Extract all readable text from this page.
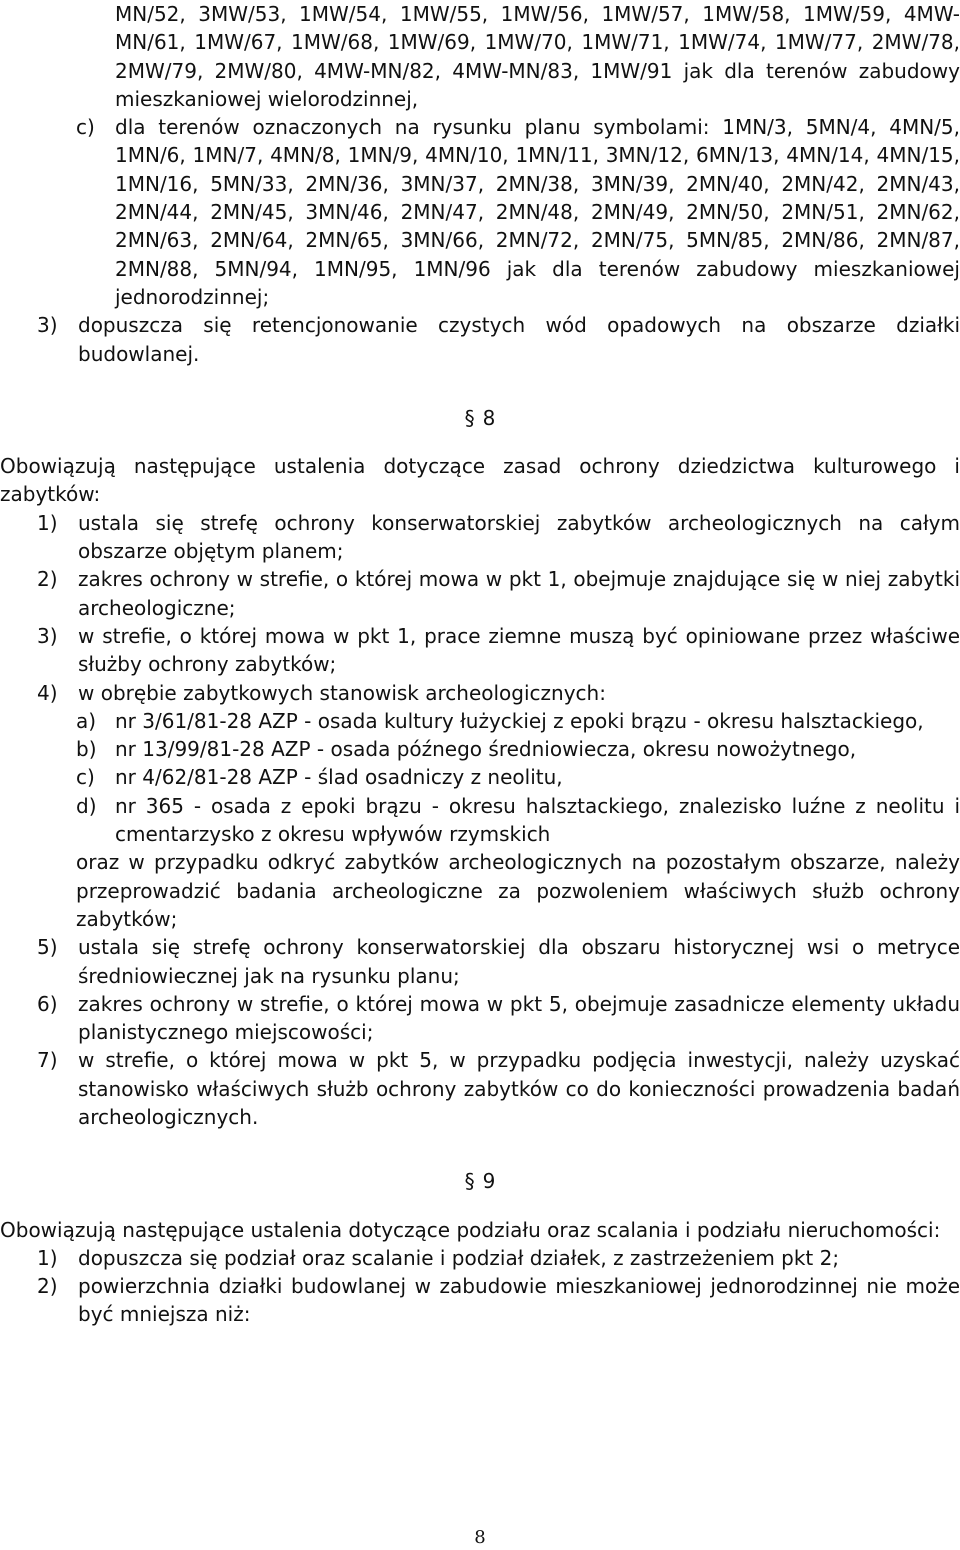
MN/52, 3MW/53, 1MW/54, 1MW/55, 1MW/56, 1MW/57, 1MW/58, 1MW/59, 4MW-MN/61, 1MW/67, 1MW/68, 1MW/69, 1MW/70, 1MW/71, 1MW/74, 1MW/77, 2MW/78, 2MW/79, 2MW/80, 4MW-MN/82, 4MW-MN/83, 1MW/91 jak dla terenów zabudowy mieszkaniowej wielorodzinnej,

c) dla terenów oznaczonych na rysunku planu symbolami: 1MN/3, 5MN/4, 4MN/5, 1MN/6, 1MN/7, 4MN/8, 1MN/9, 4MN/10, 1MN/11, 3MN/12, 6MN/13, 4MN/14, 4MN/15, 1MN/16, 5MN/33, 2MN/36, 3MN/37, 2MN/38, 3MN/39, 2MN/40, 2MN/42, 2MN/43, 2MN/44, 2MN/45, 3MN/46, 2MN/47, 2MN/48, 2MN/49, 2MN/50, 2MN/51, 2MN/62, 2MN/63, 2MN/64, 2MN/65, 3MN/66, 2MN/72, 2MN/75, 5MN/85, 2MN/86, 2MN/87, 2MN/88, 5MN/94, 1MN/95, 1MN/96 jak dla terenów zabudowy mieszkaniowej jednorodzinnej;
3) dopuszcza się retencjonowanie czystych wód opadowych na obszarze działki budowlanej.

§ 8

Obowiązują następujące ustalenia dotyczące zasad ochrony dziedzictwa kulturowego i zabytków:

1) ustala się strefę ochrony konserwatorskiej zabytków archeologicznych na całym obszarze objętym planem;
2) zakres ochrony w strefie, o której mowa w pkt 1, obejmuje znajdujące się w niej zabytki archeologiczne;
3) w strefie, o której mowa w pkt 1, prace ziemne muszą być opiniowane przez właściwe służby ochrony zabytków;
4) w obrębie zabytkowych stanowisk archeologicznych:
a) nr 3/61/81-28 AZP - osada kultury łużyckiej z epoki brązu - okresu halsztackiego,
b) nr 13/99/81-28 AZP - osada późnego średniowiecza, okresu nowożytnego,
c) nr 4/62/81-28 AZP - ślad osadniczy z neolitu,
d) nr 365 - osada z epoki brązu - okresu halsztackiego, znalezisko luźne z neolitu i cmentarzysko z okresu wpływów rzymskich

oraz w przypadku odkryć zabytków archeologicznych na pozostałym obszarze, należy przeprowadzić badania archeologiczne za pozwoleniem właściwych służb ochrony zabytków;

5) ustala się strefę ochrony konserwatorskiej dla obszaru historycznej wsi o metryce średniowiecznej jak na rysunku planu;
6) zakres ochrony w strefie, o której mowa w pkt 5, obejmuje zasadnicze elementy układu planistycznego miejscowości;
7) w strefie, o której mowa w pkt 5, w przypadku podjęcia inwestycji, należy uzyskać stanowisko właściwych służb ochrony zabytków co do konieczności prowadzenia badań archeologicznych.

§ 9

Obowiązują następujące ustalenia dotyczące podziału oraz scalania i podziału nieruchomości:

1) dopuszcza się podział oraz scalanie i podział działek, z zastrzeżeniem pkt 2;
2) powierzchnia działki budowlanej w zabudowie mieszkaniowej jednorodzinnej nie może być mniejsza niż:
8
